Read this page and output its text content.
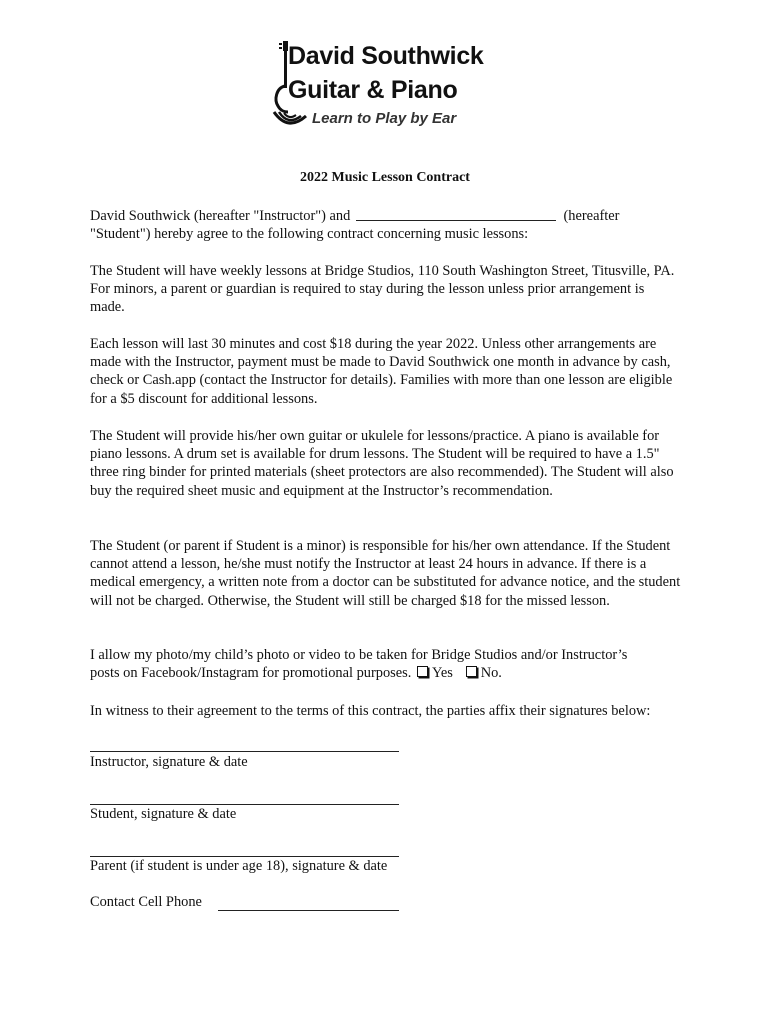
David Southwick
Guitar & Piano
Learn to Play by Ear
2022 Music Lesson Contract
David Southwick (hereafter "Instructor") and	(hereafter
"Student") hereby agree to the following contract concerning music lessons:
The Student will have weekly lessons at Bridge Studios, 110 South Washington Street, Titusville, PA. For minors, a parent or guardian is required to stay during the lesson unless prior arrangement is made.
Each lesson will last 30 minutes and cost $18 during the year 2022. Unless other arrangements are made with the Instructor, payment must be made to David Southwick one month in advance by cash, check or Cash.app (contact the Instructor for details). Families with more than one lesson are eligible for a $5 discount for additional lessons.
The Student will provide his/her own guitar or ukulele for lessons/practice. A piano is available for piano lessons. A drum set is available for drum lessons. The Student will be required to have a 1.5" three ring binder for printed materials (sheet protectors are also recommended). The Student will also buy the required sheet music and equipment at the Instructor’s recommendation.
The Student (or parent if Student is a minor) is responsible for his/her own attendance. If the Student cannot attend a lesson, he/she must notify the Instructor at least 24 hours in advance. If there is a medical emergency, a written note from a doctor can be substituted for advance notice, and the student will not be charged. Otherwise, the Student will still be charged $18 for the missed lesson.
I allow my photo/my child’s photo or video to be taken for Bridge Studios and/or Instructor’s
posts on Facebook/Instagram for promotional purposes. Yes No.
In witness to their agreement to the terms of this contract, the parties affix their signatures below:
Instructor, signature & date
Student, signature & date
Parent (if student is under age 18), signature & date
Contact Cell Phone
